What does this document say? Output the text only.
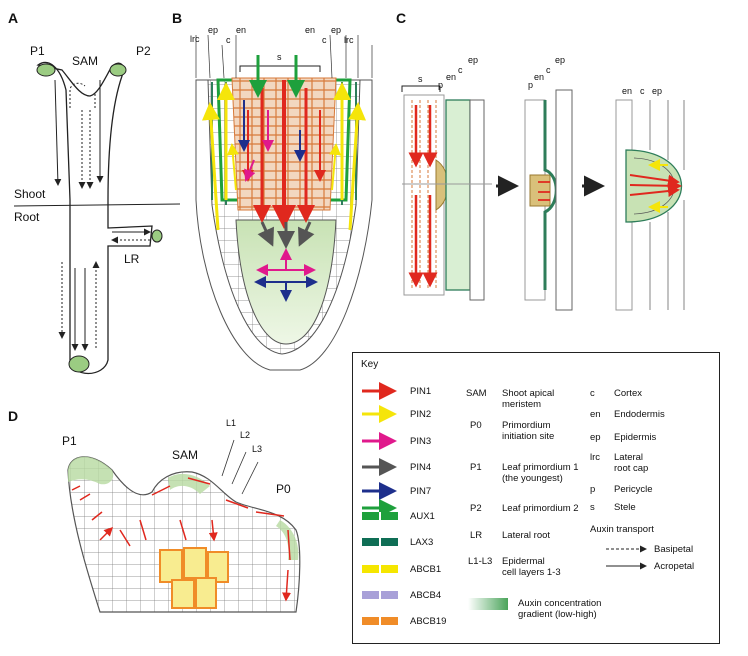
A	B	C
D
P1
SAM
P2
Shoot
Root
LR
lrc
ep
c
en	en
c
ep
lrc
s
s
p
en
c
ep
p
en
c
ep
en c ep
P1
SAM
L1
L2
L3
P0
Key
PIN1
PIN2
PIN3
PIN4
PIN7
AUX1
LAX3
ABCB1
ABCB4
ABCB19
SAM Shoot apical
meristem
P0 Primordium
initiation site
P1 Leaf primordium 1
(the youngest)
P2 Leaf primordium 2
LR Lateral root
L1-L3 Epidermal
cell layers 1-3
c Cortex
en Endodermis
ep Epidermis
lrc Lateral
root cap
p Pericycle
s Stele
Auxin transport
Basipetal
Acropetal
Auxin concentration
gradient (low-high)
